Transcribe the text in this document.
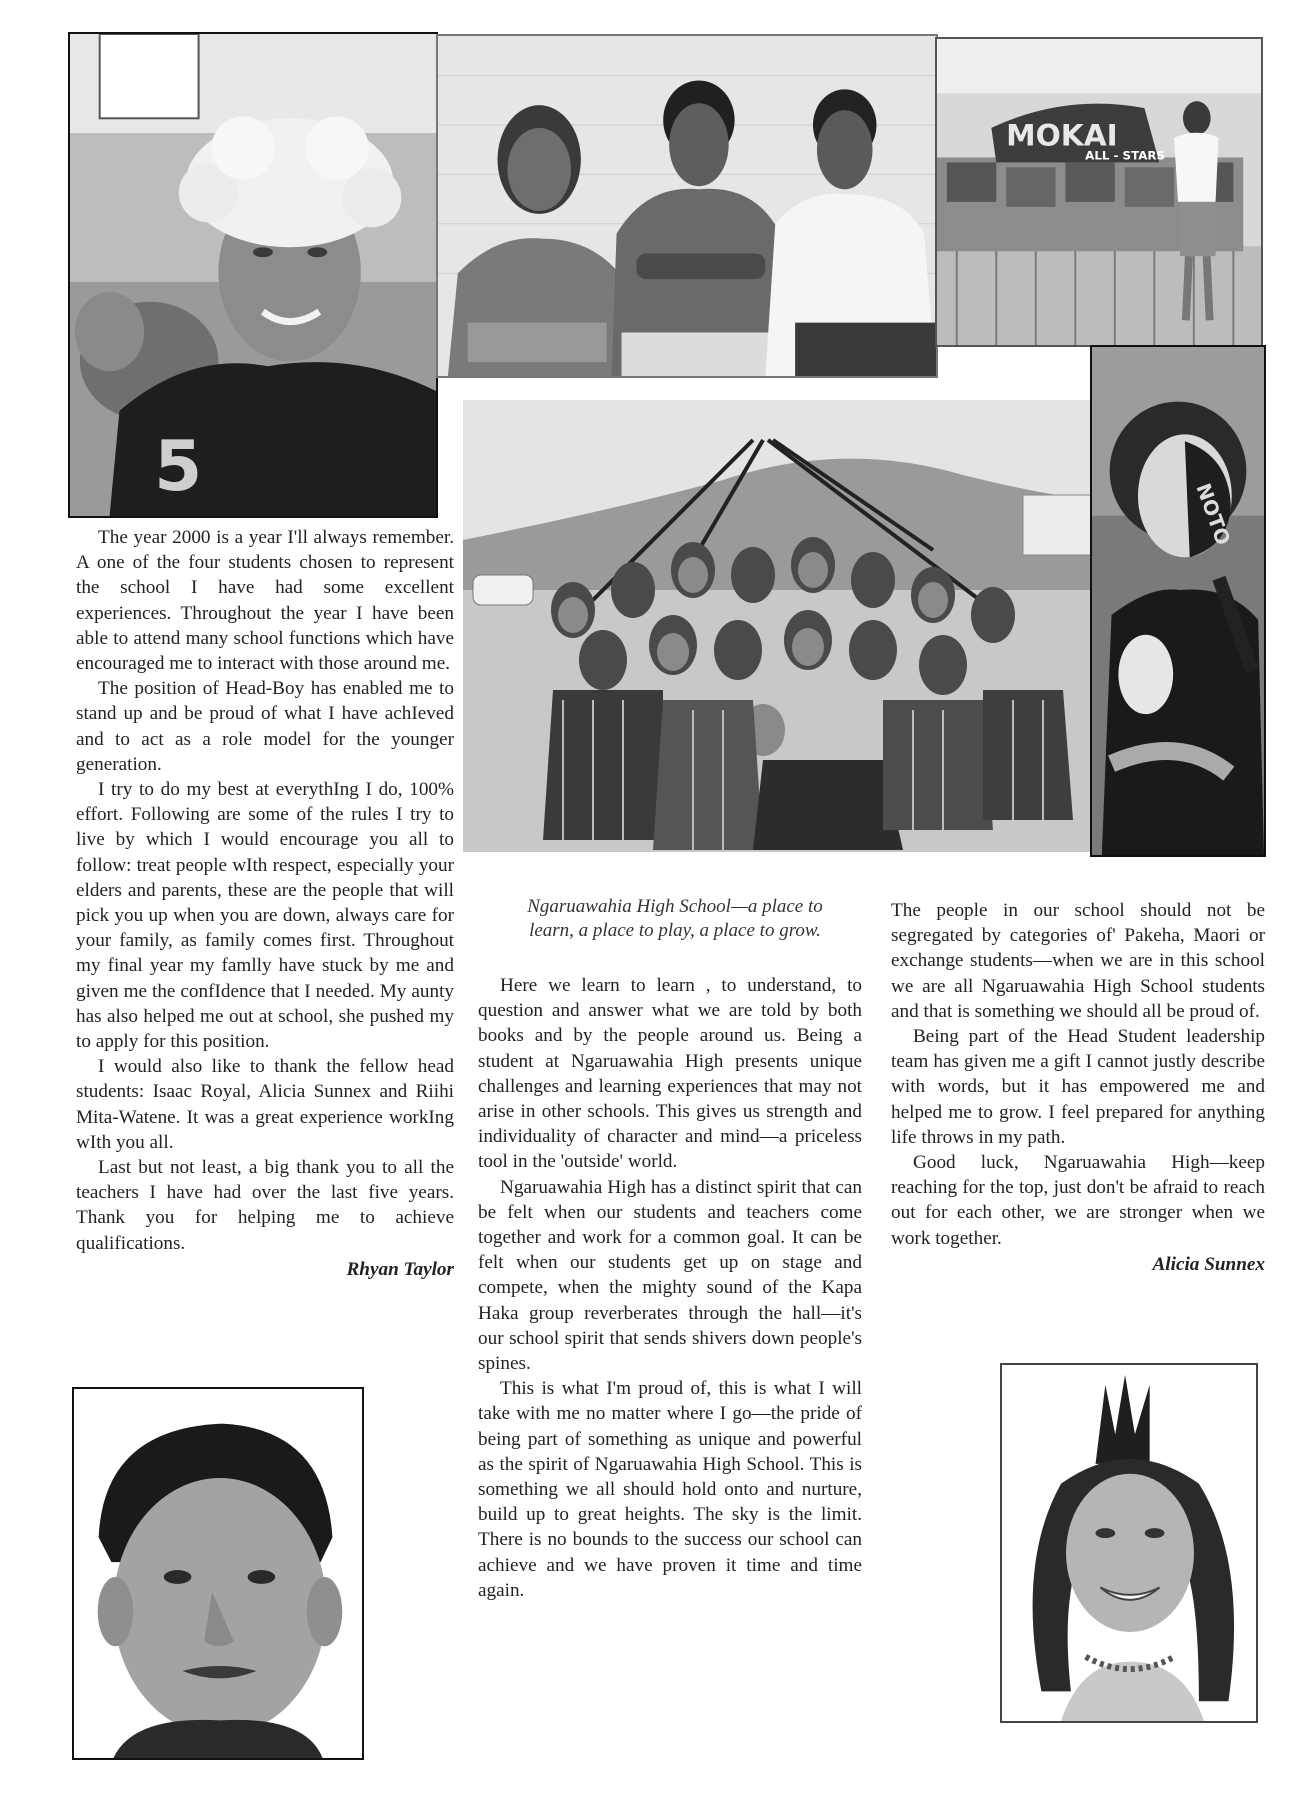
5
MOKAI
ALL - STARS
NOTO

The year 2000 is a year I'll always remember. A one of the four students chosen to represent the school I have had some excellent experiences. Throughout the year I have been able to attend many school functions which have encouraged me to interact with those around me.

The position of Head-Boy has enabled me to stand up and be proud of what I have achIeved and to act as a role model for the younger generation.

I try to do my best at everythIng I do, 100% effort. Following are some of the rules I try to live by which I would encourage you all to follow: treat people wIth respect, especially your elders and parents, these are the people that will pick you up when you are down, always care for your family, as family comes first. Throughout my final year my famlly have stuck by me and given me the confIdence that I needed. My aunty has also helped me out at school, she pushed my to apply for this position.

I would also like to thank the fellow head students: Isaac Royal, Alicia Sunnex and Riihi Mita-Watene. It was a great experience workIng wIth you all.

Last but not least, a big thank you to all the teachers I have had over the last five years. Thank you for helping me to achieve qualifications.

Rhyan Taylor

Ngaruawahia High School—a place to
learn, a place to play, a place to grow.

Here we learn to learn , to understand, to question and answer what we are told by both books and by the people around us. Being a student at Ngaruawahia High presents unique challenges and learning experiences that may not arise in other schools. This gives us strength and individuality of character and mind—a priceless tool in the 'outside' world.

Ngaruawahia High has a distinct spirit that can be felt when our students and teachers come together and work for a common goal. It can be felt when our students get up on stage and compete, when the mighty sound of the Kapa Haka group reverberates through the hall—it's our school spirit that sends shivers down people's spines.

This is what I'm proud of, this is what I will take with me no matter where I go—the pride of being part of something as unique and powerful as the spirit of Ngaruawahia High School. This is something we all should hold onto and nurture, build up to great heights. The sky is the limit. There is no bounds to the success our school can achieve and we have proven it time and time again.

The people in our school should not be segregated by categories of' Pakeha, Maori or exchange students—when we are in this school we are all Ngaruawahia High School students and that is something we should all be proud of.

Being part of the Head Student leadership team has given me a gift I cannot justly describe with words, but it has empowered me and helped me to grow. I feel prepared for anything life throws in my path.

Good luck, Ngaruawahia High—keep reaching for the top, just don't be afraid to reach out for each other, we are stronger when we work together.

Alicia Sunnex
